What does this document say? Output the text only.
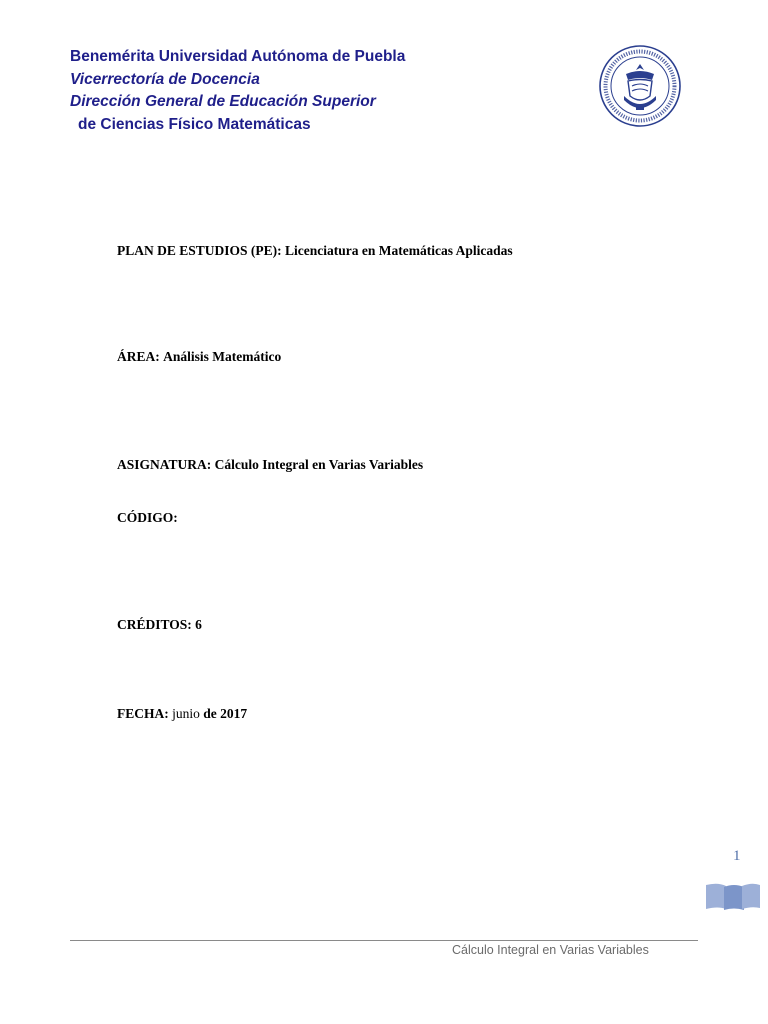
Benemérita Universidad Autónoma de Puebla
Vicerrectoría de Docencia
Dirección General de Educación Superior
de Ciencias Físico Matemáticas
PLAN DE ESTUDIOS (PE): Licenciatura en Matemáticas Aplicadas
ÁREA: Análisis Matemático
ASIGNATURA: Cálculo Integral en Varias Variables
CÓDIGO:
CRÉDITOS: 6
FECHA: junio de 2017
1
Cálculo Integral en Varias Variables
